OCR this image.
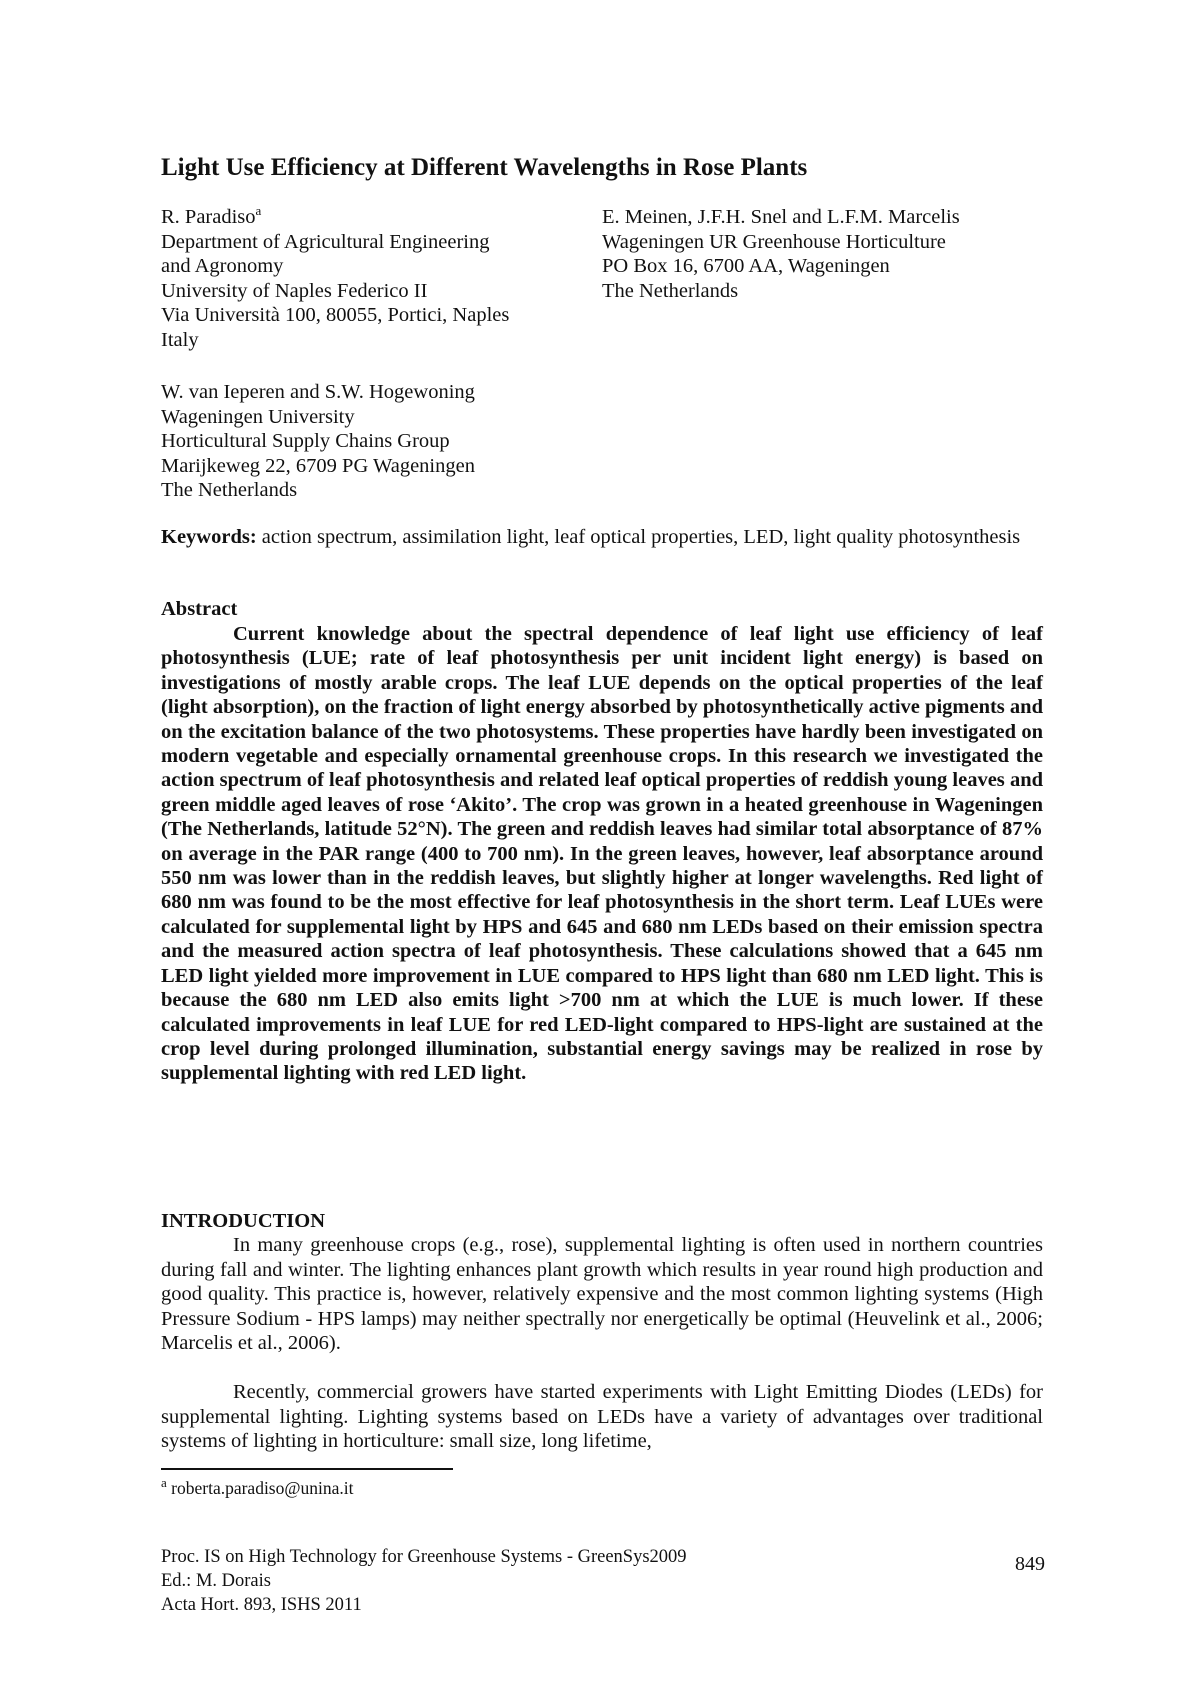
Light Use Efficiency at Different Wavelengths in Rose Plants
R. Paradiso$^a$
Department of Agricultural Engineering
and Agronomy
University of Naples Federico II
Via Università 100, 80055, Portici, Naples
Italy
E. Meinen, J.F.H. Snel and L.F.M. Marcelis
Wageningen UR Greenhouse Horticulture
PO Box 16, 6700 AA, Wageningen
The Netherlands
W. van Ieperen and S.W. Hogewoning
Wageningen University
Horticultural Supply Chains Group
Marijkeweg 22, 6709 PG Wageningen
The Netherlands
Keywords: action spectrum, assimilation light, leaf optical properties, LED, light quality photosynthesis
Abstract
Current knowledge about the spectral dependence of leaf light use efficiency of leaf photosynthesis (LUE; rate of leaf photosynthesis per unit incident light energy) is based on investigations of mostly arable crops. The leaf LUE depends on the optical properties of the leaf (light absorption), on the fraction of light energy absorbed by photosynthetically active pigments and on the excitation balance of the two photosystems. These properties have hardly been investigated on modern vegetable and especially ornamental greenhouse crops. In this research we investigated the action spectrum of leaf photosynthesis and related leaf optical properties of reddish young leaves and green middle aged leaves of rose ‘Akito’. The crop was grown in a heated greenhouse in Wageningen (The Netherlands, latitude 52°N). The green and reddish leaves had similar total absorptance of 87% on average in the PAR range (400 to 700 nm). In the green leaves, however, leaf absorptance around 550 nm was lower than in the reddish leaves, but slightly higher at longer wavelengths. Red light of 680 nm was found to be the most effective for leaf photosynthesis in the short term. Leaf LUEs were calculated for supplemental light by HPS and 645 and 680 nm LEDs based on their emission spectra and the measured action spectra of leaf photosynthesis. These calculations showed that a 645 nm LED light yielded more improvement in LUE compared to HPS light than 680 nm LED light. This is because the 680 nm LED also emits light >700 nm at which the LUE is much lower. If these calculated improvements in leaf LUE for red LED-light compared to HPS-light are sustained at the crop level during prolonged illumination, substantial energy savings may be realized in rose by supplemental lighting with red LED light.
INTRODUCTION
In many greenhouse crops (e.g., rose), supplemental lighting is often used in northern countries during fall and winter. The lighting enhances plant growth which results in year round high production and good quality. This practice is, however, relatively expensive and the most common lighting systems (High Pressure Sodium - HPS lamps) may neither spectrally nor energetically be optimal (Heuvelink et al., 2006; Marcelis et al., 2006).
Recently, commercial growers have started experiments with Light Emitting Diodes (LEDs) for supplemental lighting. Lighting systems based on LEDs have a variety of advantages over traditional systems of lighting in horticulture: small size, long lifetime,
$^a$ roberta.paradiso@unina.it
Proc. IS on High Technology for Greenhouse Systems - GreenSys2009
Ed.: M. Dorais
Acta Hort. 893, ISHS 2011
849
